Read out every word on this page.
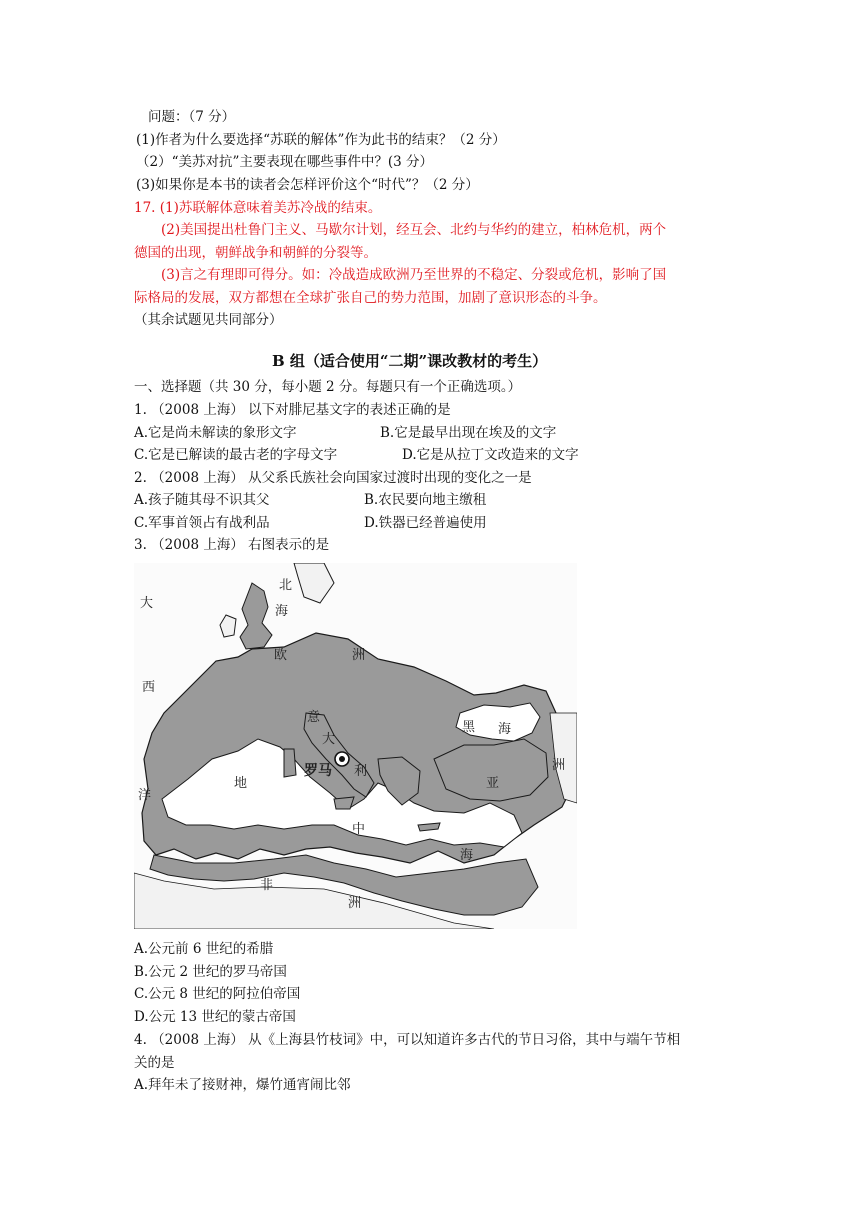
问题：（7 分）
(1)作者为什么要选择“苏联的解体”作为此书的结束？（2 分）
（2）“美苏对抗”主要表现在哪些事件中？(3 分）
(3)如果你是本书的读者会怎样评价这个“时代”？（2 分）
17. (1)苏联解体意味着美苏冷战的结束。
(2)美国提出杜鲁门主义、马歇尔计划，经互会、北约与华约的建立，柏林危机，两个
德国的出现，朝鲜战争和朝鲜的分裂等。
(3)言之有理即可得分。如：冷战造成欧洲乃至世界的不稳定、分裂或危机，影响了国
际格局的发展，双方都想在全球扩张自己的势力范围，加剧了意识形态的斗争。
（其余试题见共同部分）
B 组（适合使用“二期”课改教材的考生）
一、选择题（共 30 分，每小题 2 分。每题只有一个正确选项。）
1. （2008 上海） 以下对腓尼基文字的表述正确的是
A.它是尚未解读的象形文字	B.它是最早出现在埃及的文字
C.它是已解读的最古老的字母文字	D.它是从拉丁文改造来的文字
2. （2008 上海） 从父系氏族社会向国家过渡时出现的变化之一是
A.孩子随其母不识其父	B.农民要向地主缴租
C.军事首领占有战利品	D.铁器已经普遍使用
3. （2008 上海） 右图表示的是
北
海
大
西
洋
欧	洲
意
大
利
罗马
地
中
海
黑 海
亚
洲
非
洲
A.公元前 6 世纪的希腊
B.公元 2 世纪的罗马帝国
C.公元 8 世纪的阿拉伯帝国
D.公元 13 世纪的蒙古帝国
4. （2008 上海） 从《上海县竹枝词》中，可以知道许多古代的节日习俗，其中与端午节相
关的是
A.拜年未了接财神，爆竹通宵闹比邻
